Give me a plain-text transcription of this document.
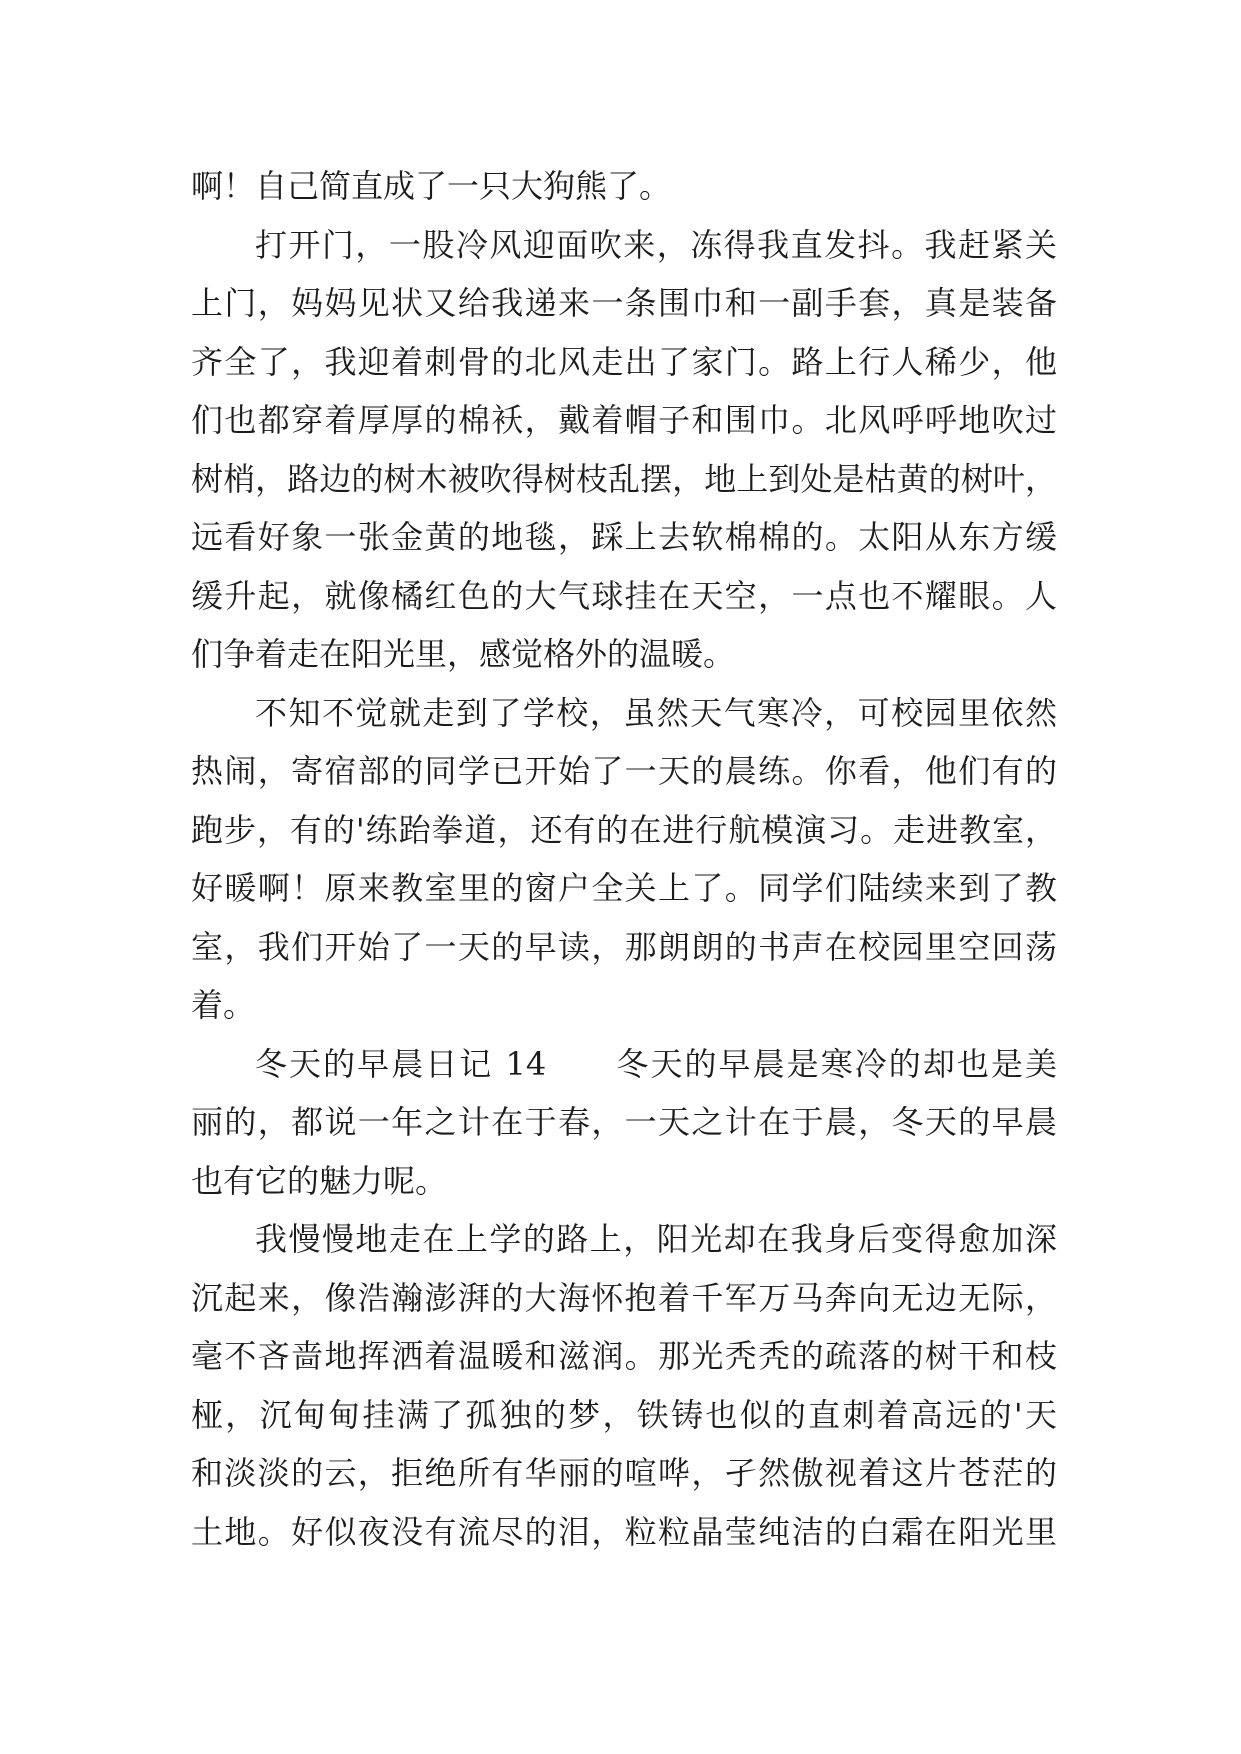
啊！自己简直成了一只大狗熊了。
打开门，一股冷风迎面吹来，冻得我直发抖。我赶紧关
上门，妈妈见状又给我递来一条围巾和一副手套，真是装备
齐全了，我迎着刺骨的北风走出了家门。路上行人稀少，他
们也都穿着厚厚的棉袄，戴着帽子和围巾。北风呼呼地吹过
树梢，路边的树木被吹得树枝乱摆，地上到处是枯黄的树叶，
远看好象一张金黄的地毯，踩上去软棉棉的。太阳从东方缓
缓升起，就像橘红色的大气球挂在天空，一点也不耀眼。人
们争着走在阳光里，感觉格外的温暖。
不知不觉就走到了学校，虽然天气寒冷，可校园里依然
热闹，寄宿部的同学已开始了一天的晨练。你看，他们有的
跑步，有的'练跆拳道，还有的在进行航模演习。走进教室，
好暖啊！原来教室里的窗户全关上了。同学们陆续来到了教
室，我们开始了一天的早读，那朗朗的书声在校园里空回荡
着。
冬天的早晨日记 14　　冬天的早晨是寒冷的却也是美
丽的，都说一年之计在于春，一天之计在于晨，冬天的早晨
也有它的魅力呢。
我慢慢地走在上学的路上，阳光却在我身后变得愈加深
沉起来，像浩瀚澎湃的大海怀抱着千军万马奔向无边无际，
毫不吝啬地挥洒着温暖和滋润。那光秃秃的疏落的树干和枝
桠，沉甸甸挂满了孤独的梦，铁铸也似的直刺着高远的'天
和淡淡的云，拒绝所有华丽的喧哗，孑然傲视着这片苍茫的
土地。好似夜没有流尽的泪，粒粒晶莹纯洁的白霜在阳光里
